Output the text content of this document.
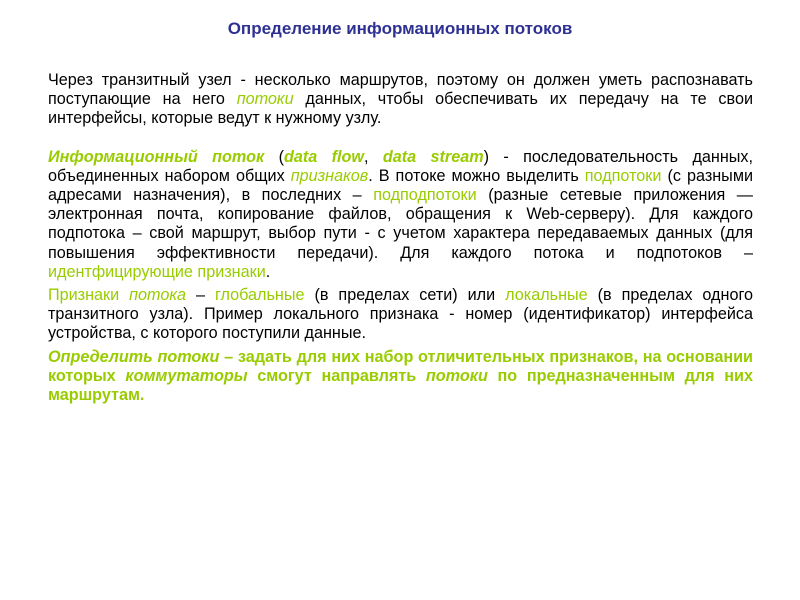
Определение информационных потоков

Через транзитный узел - несколько маршрутов, поэтому он должен уметь распознавать поступающие на него потоки данных, чтобы обеспечивать их передачу на те свои интерфейсы, которые ведут к нужному узлу.

Информационный поток (data flow, data stream) - последовательность данных, объединенных набором общих признаков. В потоке можно выделить подпотоки (с разными адресами назначения), в последних – подподпотоки (разные сетевые приложения — электронная почта, копирование файлов, обращения к Web-серверу). Для каждого подпотока – свой маршрут, выбор пути - с учетом характера передаваемых данных (для повышения эффективности передачи). Для каждого потока и подпотоков – идентфицирующие признаки.

Признаки потока – глобальные (в пределах сети) или локальные (в пределах одного транзитного узла). Пример локального признака - номер (идентификатор) интерфейса устройства, с которого поступили данные.

Определить потоки – задать для них набор отличительных признаков, на основании которых коммутаторы смогут направлять потоки по предназначенным для них маршрутам.
